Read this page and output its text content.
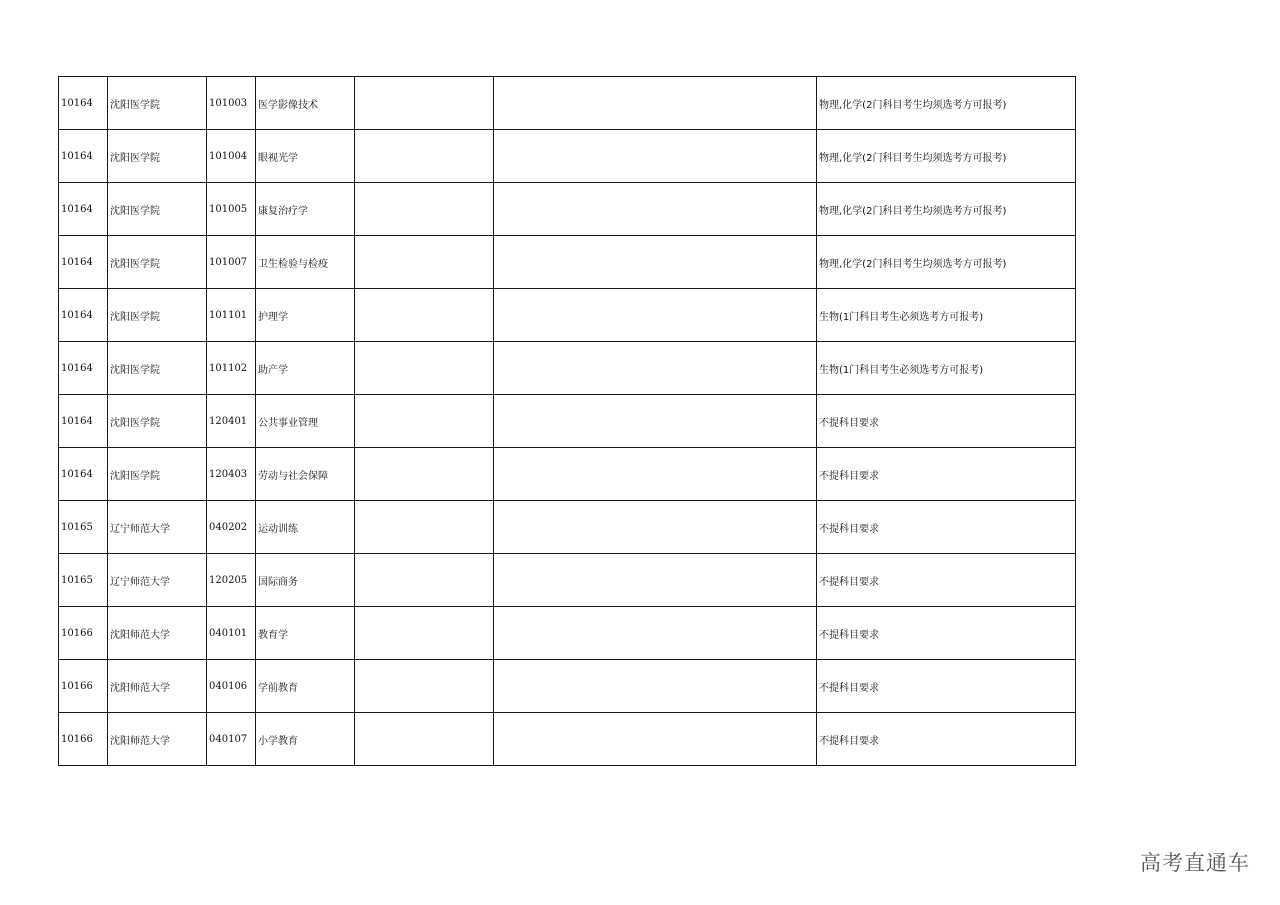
10164	沈阳医学院	101003	医学影像技术			物理,化学(2门科目考生均须选考方可报考)
10164	沈阳医学院	101004	眼视光学			物理,化学(2门科目考生均须选考方可报考)
10164	沈阳医学院	101005	康复治疗学			物理,化学(2门科目考生均须选考方可报考)
10164	沈阳医学院	101007	卫生检验与检疫			物理,化学(2门科目考生均须选考方可报考)
10164	沈阳医学院	101101	护理学			生物(1门科目考生必须选考方可报考)
10164	沈阳医学院	101102	助产学			生物(1门科目考生必须选考方可报考)
10164	沈阳医学院	120401	公共事业管理			不提科目要求
10164	沈阳医学院	120403	劳动与社会保障			不提科目要求
10165	辽宁师范大学	040202	运动训练			不提科目要求
10165	辽宁师范大学	120205	国际商务			不提科目要求
10166	沈阳师范大学	040101	教育学			不提科目要求
10166	沈阳师范大学	040106	学前教育			不提科目要求
10166	沈阳师范大学	040107	小学教育			不提科目要求
高考直通车
